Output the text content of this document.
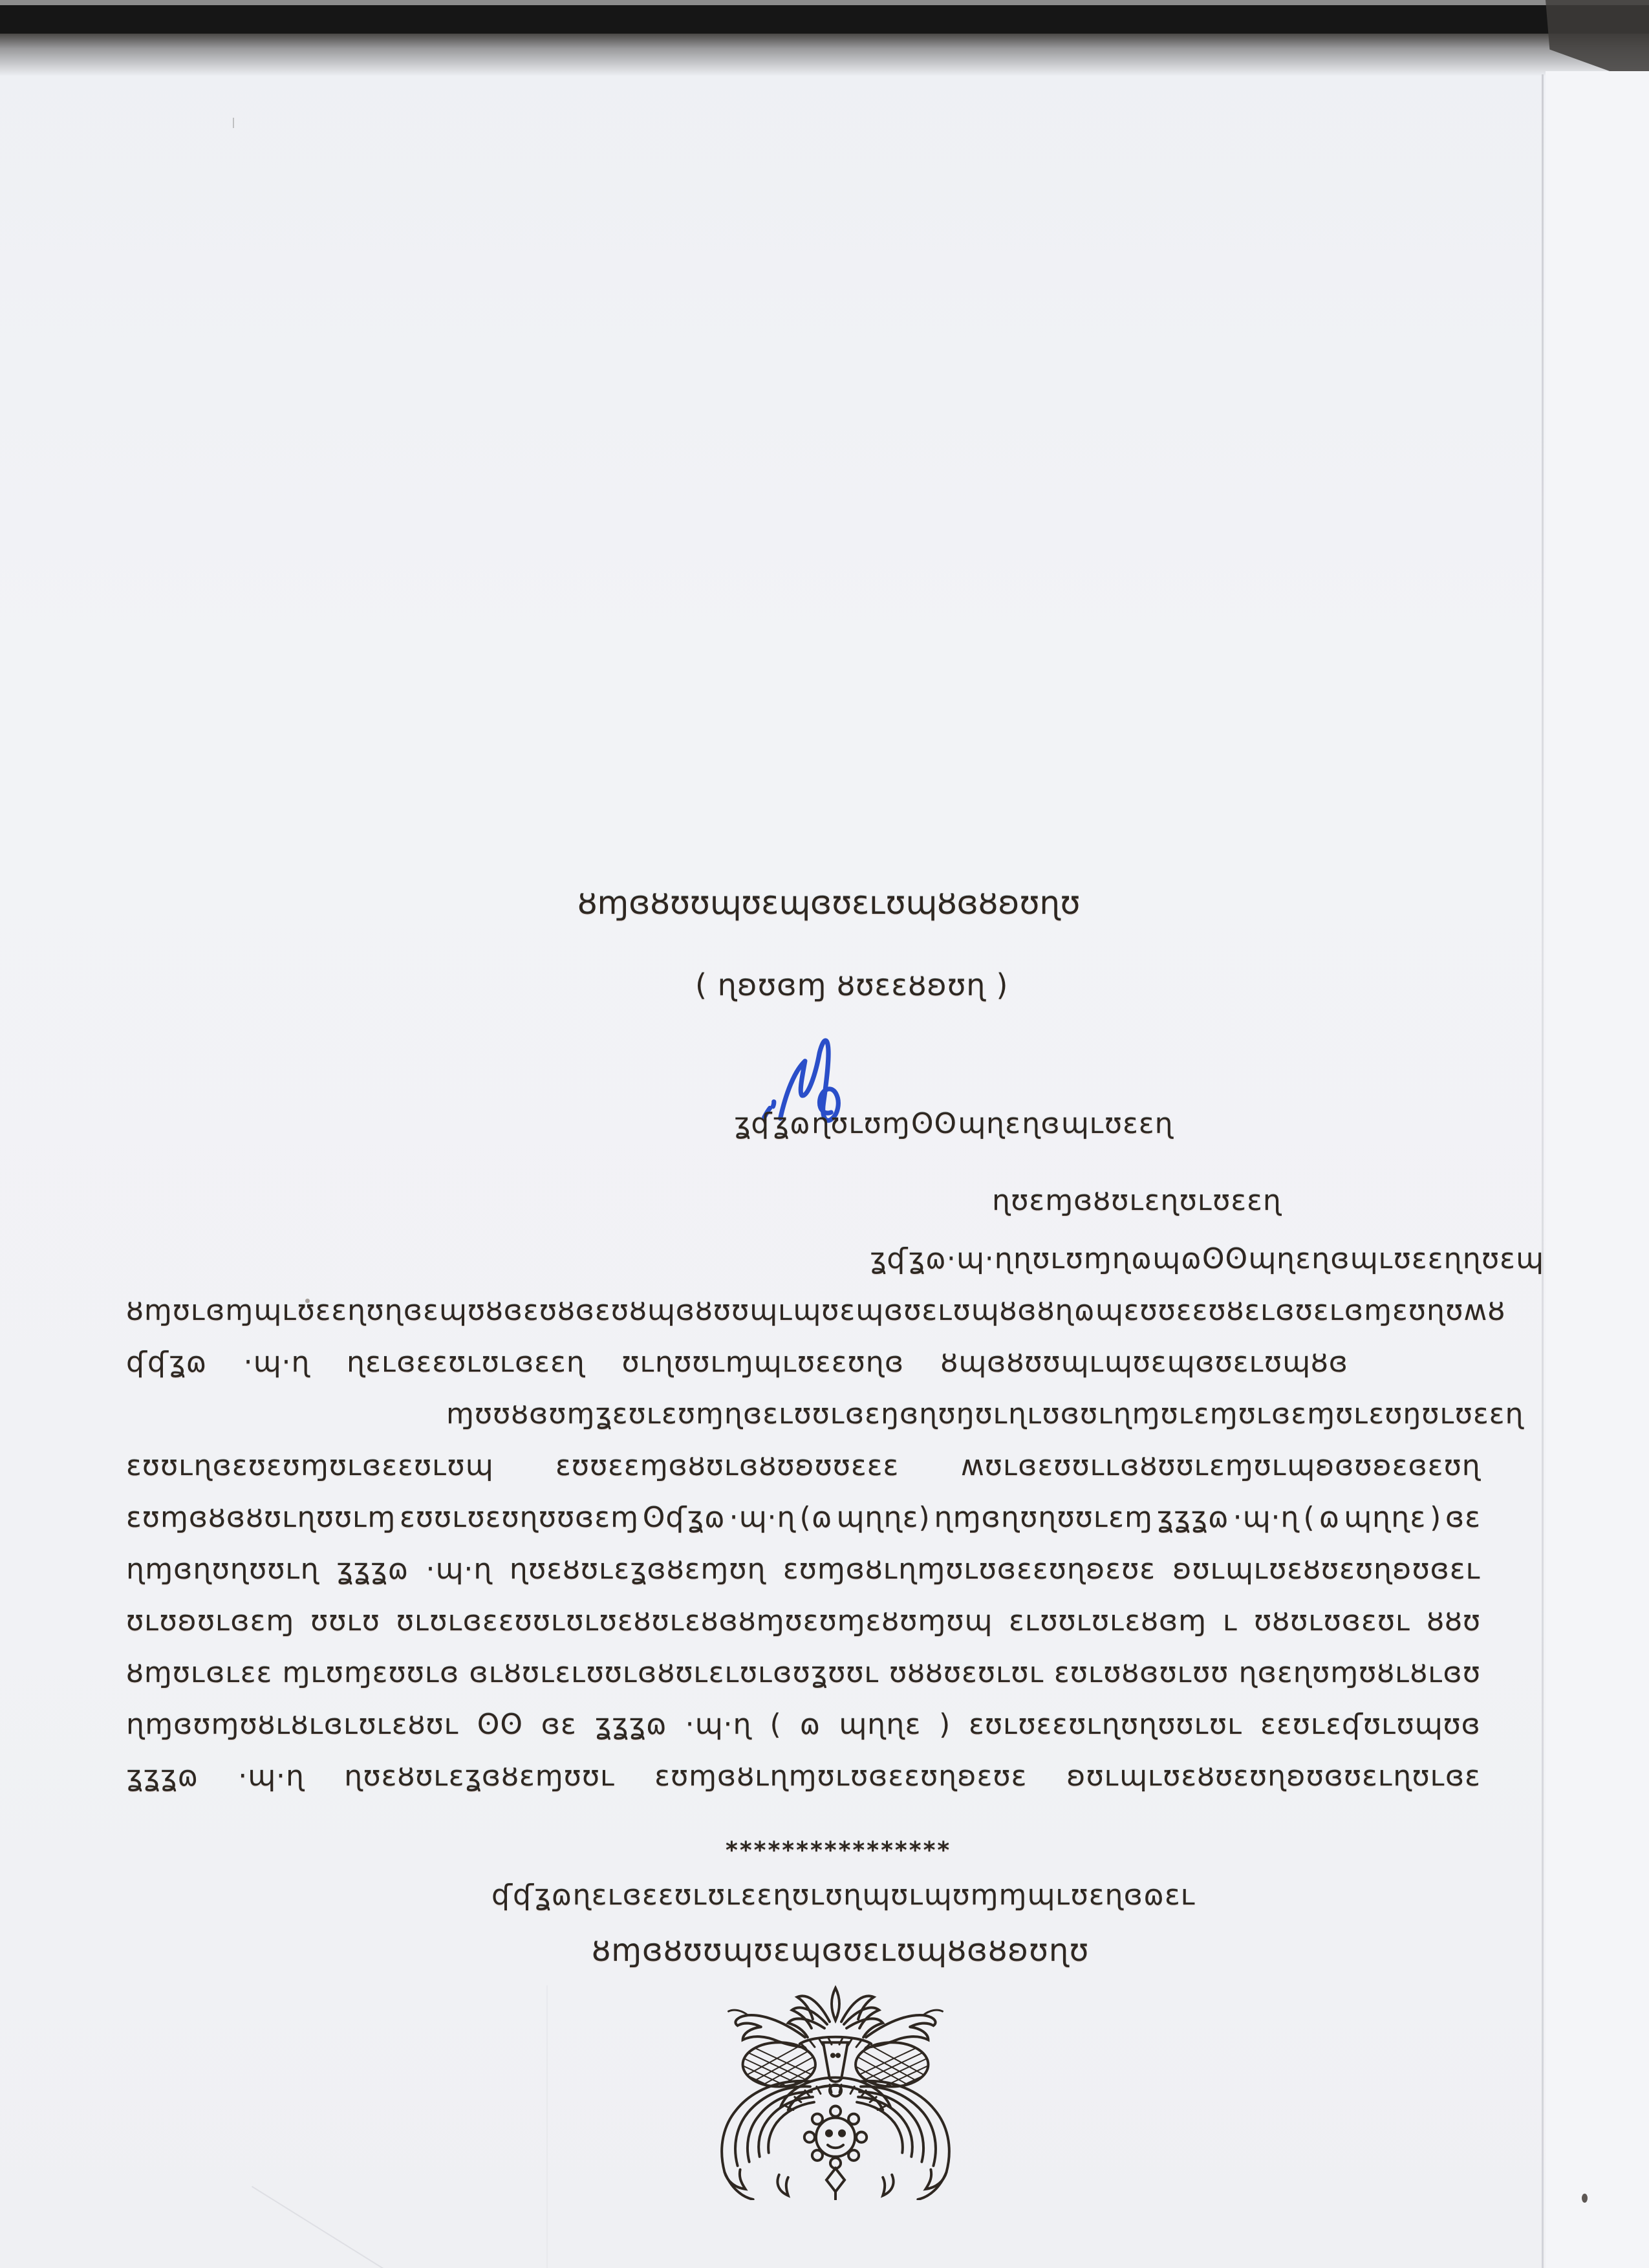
ȣɱɞȣʊʊɰʊɛɰɞʊɛʟʊɰȣɞȣʚʊɳʊ
( ɳʚʊɞɱ ȣʊɛɛȣʚʊɳ )
ʓʠʓɷ ɳʊʟʊɱ ʘʘ ɰɳɛ ɳɞ ɰʟʊɛɛɳ
ɳʊɛɱɞȣʊʟɛɳʊʟʊɛɛɳ
ʓʠʓɷ ·ɰ·ɳ ɳʊʟʊɱ ɳɷɰɷ ʘʘ ɰɳɛ ɳɞ ɰʟʊɛɛɳ ɳʊɛɰ
ȣɱʊʟɞɱɰʟʊɛɛɳʊɳɞ ɛɰʊȣɞɛʊȣɞɛʊ ȣɰɞȣʊʊɰʟɰʊɛɰɞʊɛʟʊɰȣɞȣ ɳɷɰɛʊʊɛɛʊȣɛʟɞʊɛʟɞɱɛʊɳʊʍȣ
ʠʠʓɷ ·ɰ·ɳ ɳɛʟɞɛɛʊʟʊʟɞɛɛɳ ʊʟɳʊʊʟɱɰʟʊɛɛʊɳɞ ȣɰɞȣʊʊɰʟɰʊɛɰɞʊɛʟʊɰȣɞ
ɱʊʊȣɞʊɱʓɛʊʟɛʊɱ ɳɞɛʟʊʊʟɞɛŋɞɳʊŋʊʟɳʟʊɞʊʟɳɱʊʟɛɱʊʟɞɛɱʊʟɛʊŋʊʟʊɛɛɳ
ɛʊʊʟɳɞɛʊɛʊɱʊʟɞɛɛʊʟʊɰ ɛʊʊɛɛɱɞȣʊʟɞȣʊʚʊʊɛɛɛ ʍʊʟɞɛʊʊʟʟɞȣʊʊʟɛɱʊʟɰʚɞʊʚɛɞɛʊɳ
ɛʊɱɞȣɞȣʊʟɳʊʊʟɱ ɛʊʊʟʊɛʊɳʊʊɞɛɱ ʘʠʓɷ ·ɰ·ɳ (ɷ ɰɳɳɛ) ɳɱɞɳʊɳʊʊʟɛɱ ʓʓʓɷ ·ɰ·ɳ ( ɷ ɰɳɳɛ ) ɞɛ
ɳɱɞɳʊɳʊʊʟɳ ʓʓʓɷ ·ɰ·ɳ ɳʊɛȣʊʟɛʓɞȣɛɱʊɳ ɛʊɱɞȣʟɳɱʊʟʊɞɛɛʊɳʚɛʊɛ ʚʊʟɰʟʊɛȣʊɛʊɳʚʊɞɛʟ
ʊʟʊʚʊʟɞɛɱ ʊʊʟʊ ʊʟʊʟɞɛɛʊʊʟʊʟʊɛȣʊʟɛȣɞȣɱʊɛʊɱɛȣʊɱʊɰ ɛʟʊʊʟʊʟɛȣɞɱ ʟ ʊȣʊʟʊɞɛʊʟ ȣȣʊ
ȣɱʊʟɞʟɛɛ ɱʟʊɱɛʊʊʟɞ ɞʟȣʊʟɛʟʊʊʟɞȣʊʟɛʟʊʟɞʊʓʊʊʟ ʊȣȣʊɛʊʟʊʟ ɛʊʟʊȣɞʊʟʊʊ ɳɞɛɳʊɱʊȣʟȣʟɞʊ
ɳɱɞʊɱʊȣʟȣʟɞʟʊʟɛȣʊʟ ʘʘ ɞɛ ʓʓʓɷ ·ɰ·ɳ ( ɷ ɰɳɳɛ ) ɛʊʟʊɛɛʊʟɳʊɳʊʊʟʊʟ ɛɛʊʟɛʠʊʟʊɰʊɞ
ʓʓʓɷ ·ɰ·ɳ ɳʊɛȣʊʟɛʓɞȣɛɱʊʊʟ ɛʊɱɞȣʟɳɱʊʟʊɞɛɛʊɳʚɛʊɛ ʚʊʟɰʟʊɛȣʊɛʊɳʚʊɞʊɛʟɳʊʟɞɛ
****************
ʠʠʓɷ ɳɛʟɞɛɛʊʟʊʟɛɛɳ ʊʟʊɳɰʊʟɰʊɱɱɰʟʊɛɳ ɞɷɛʟ
ȣɱɞȣʊʊɰʊɛɰɞʊɛʟʊɰȣɞȣʚʊɳʊ
